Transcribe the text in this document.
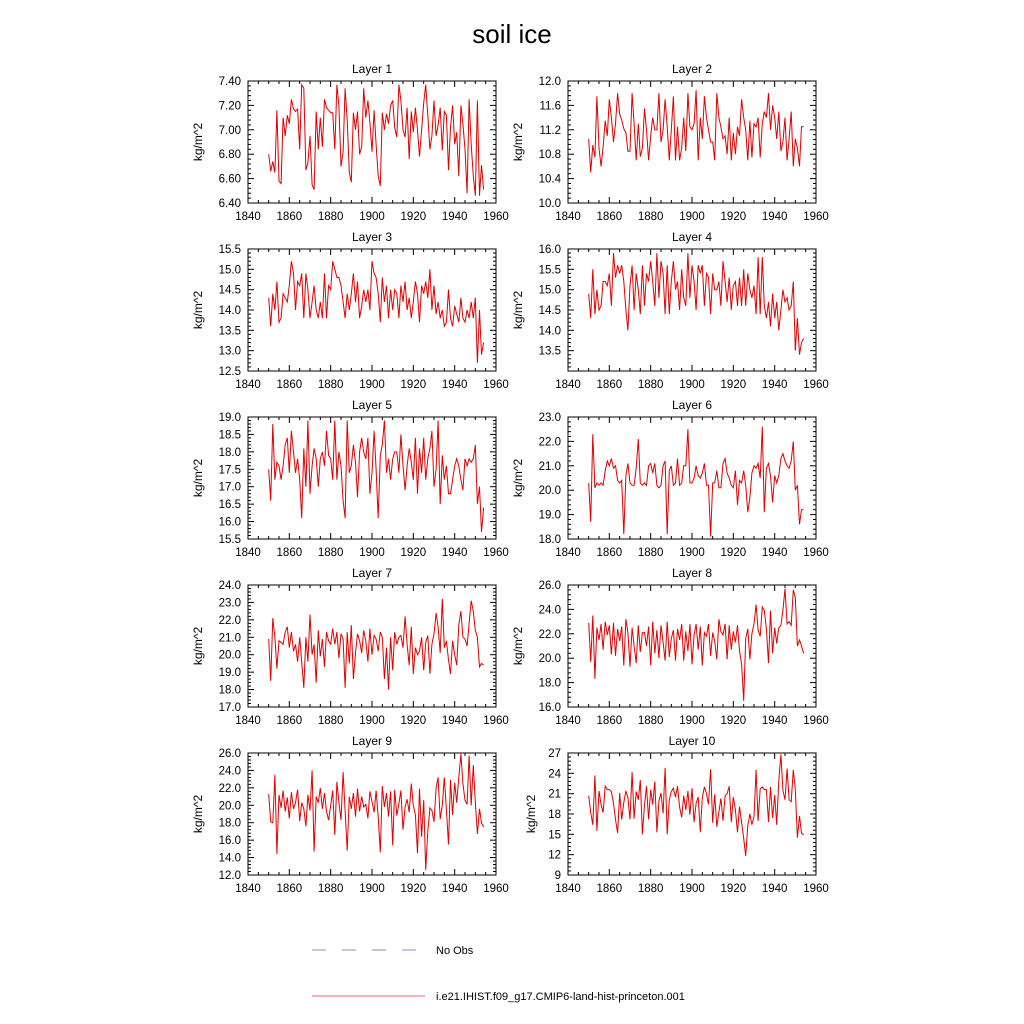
soil ice
1840 1860 1880 1900 1920 1940 1960
6.40
6.60
6.80
7.00
7.20
7.40
Layer 1
kg/m^2
1840 1860 1880 1900 1920 1940 1960
10.0
10.4
10.8
11.2
11.6
12.0
Layer 2
kg/m^2
1840 1860 1880 1900 1920 1940 1960
12.5
13.0
13.5
14.0
14.5
15.0
15.5
Layer 3
kg/m^2
1840 1860 1880 1900 1920 1940 1960
13.5
14.0
14.5
15.0
15.5
16.0
Layer 4
kg/m^2
1840 1860 1880 1900 1920 1940 1960
15.5
16.0
16.5
17.0
17.5
18.0
18.5
19.0
Layer 5
kg/m^2
1840 1860 1880 1900 1920 1940 1960
18.0
19.0
20.0
21.0
22.0
23.0
Layer 6
kg/m^2
1840 1860 1880 1900 1920 1940 1960
17.0
18.0
19.0
20.0
21.0
22.0
23.0
24.0
Layer 7
kg/m^2
1840 1860 1880 1900 1920 1940 1960
16.0
18.0
20.0
22.0
24.0
26.0
Layer 8
kg/m^2
1840 1860 1880 1900 1920 1940 1960
12.0
14.0
16.0
18.0
20.0
22.0
24.0
26.0
Layer 9
kg/m^2
1840 1860 1880 1900 1920 1940 1960
9
12
15
18
21
24
27
Layer 10
kg/m^2
No Obs
i.e21.IHIST.f09_g17.CMIP6-land-hist-princeton.001
